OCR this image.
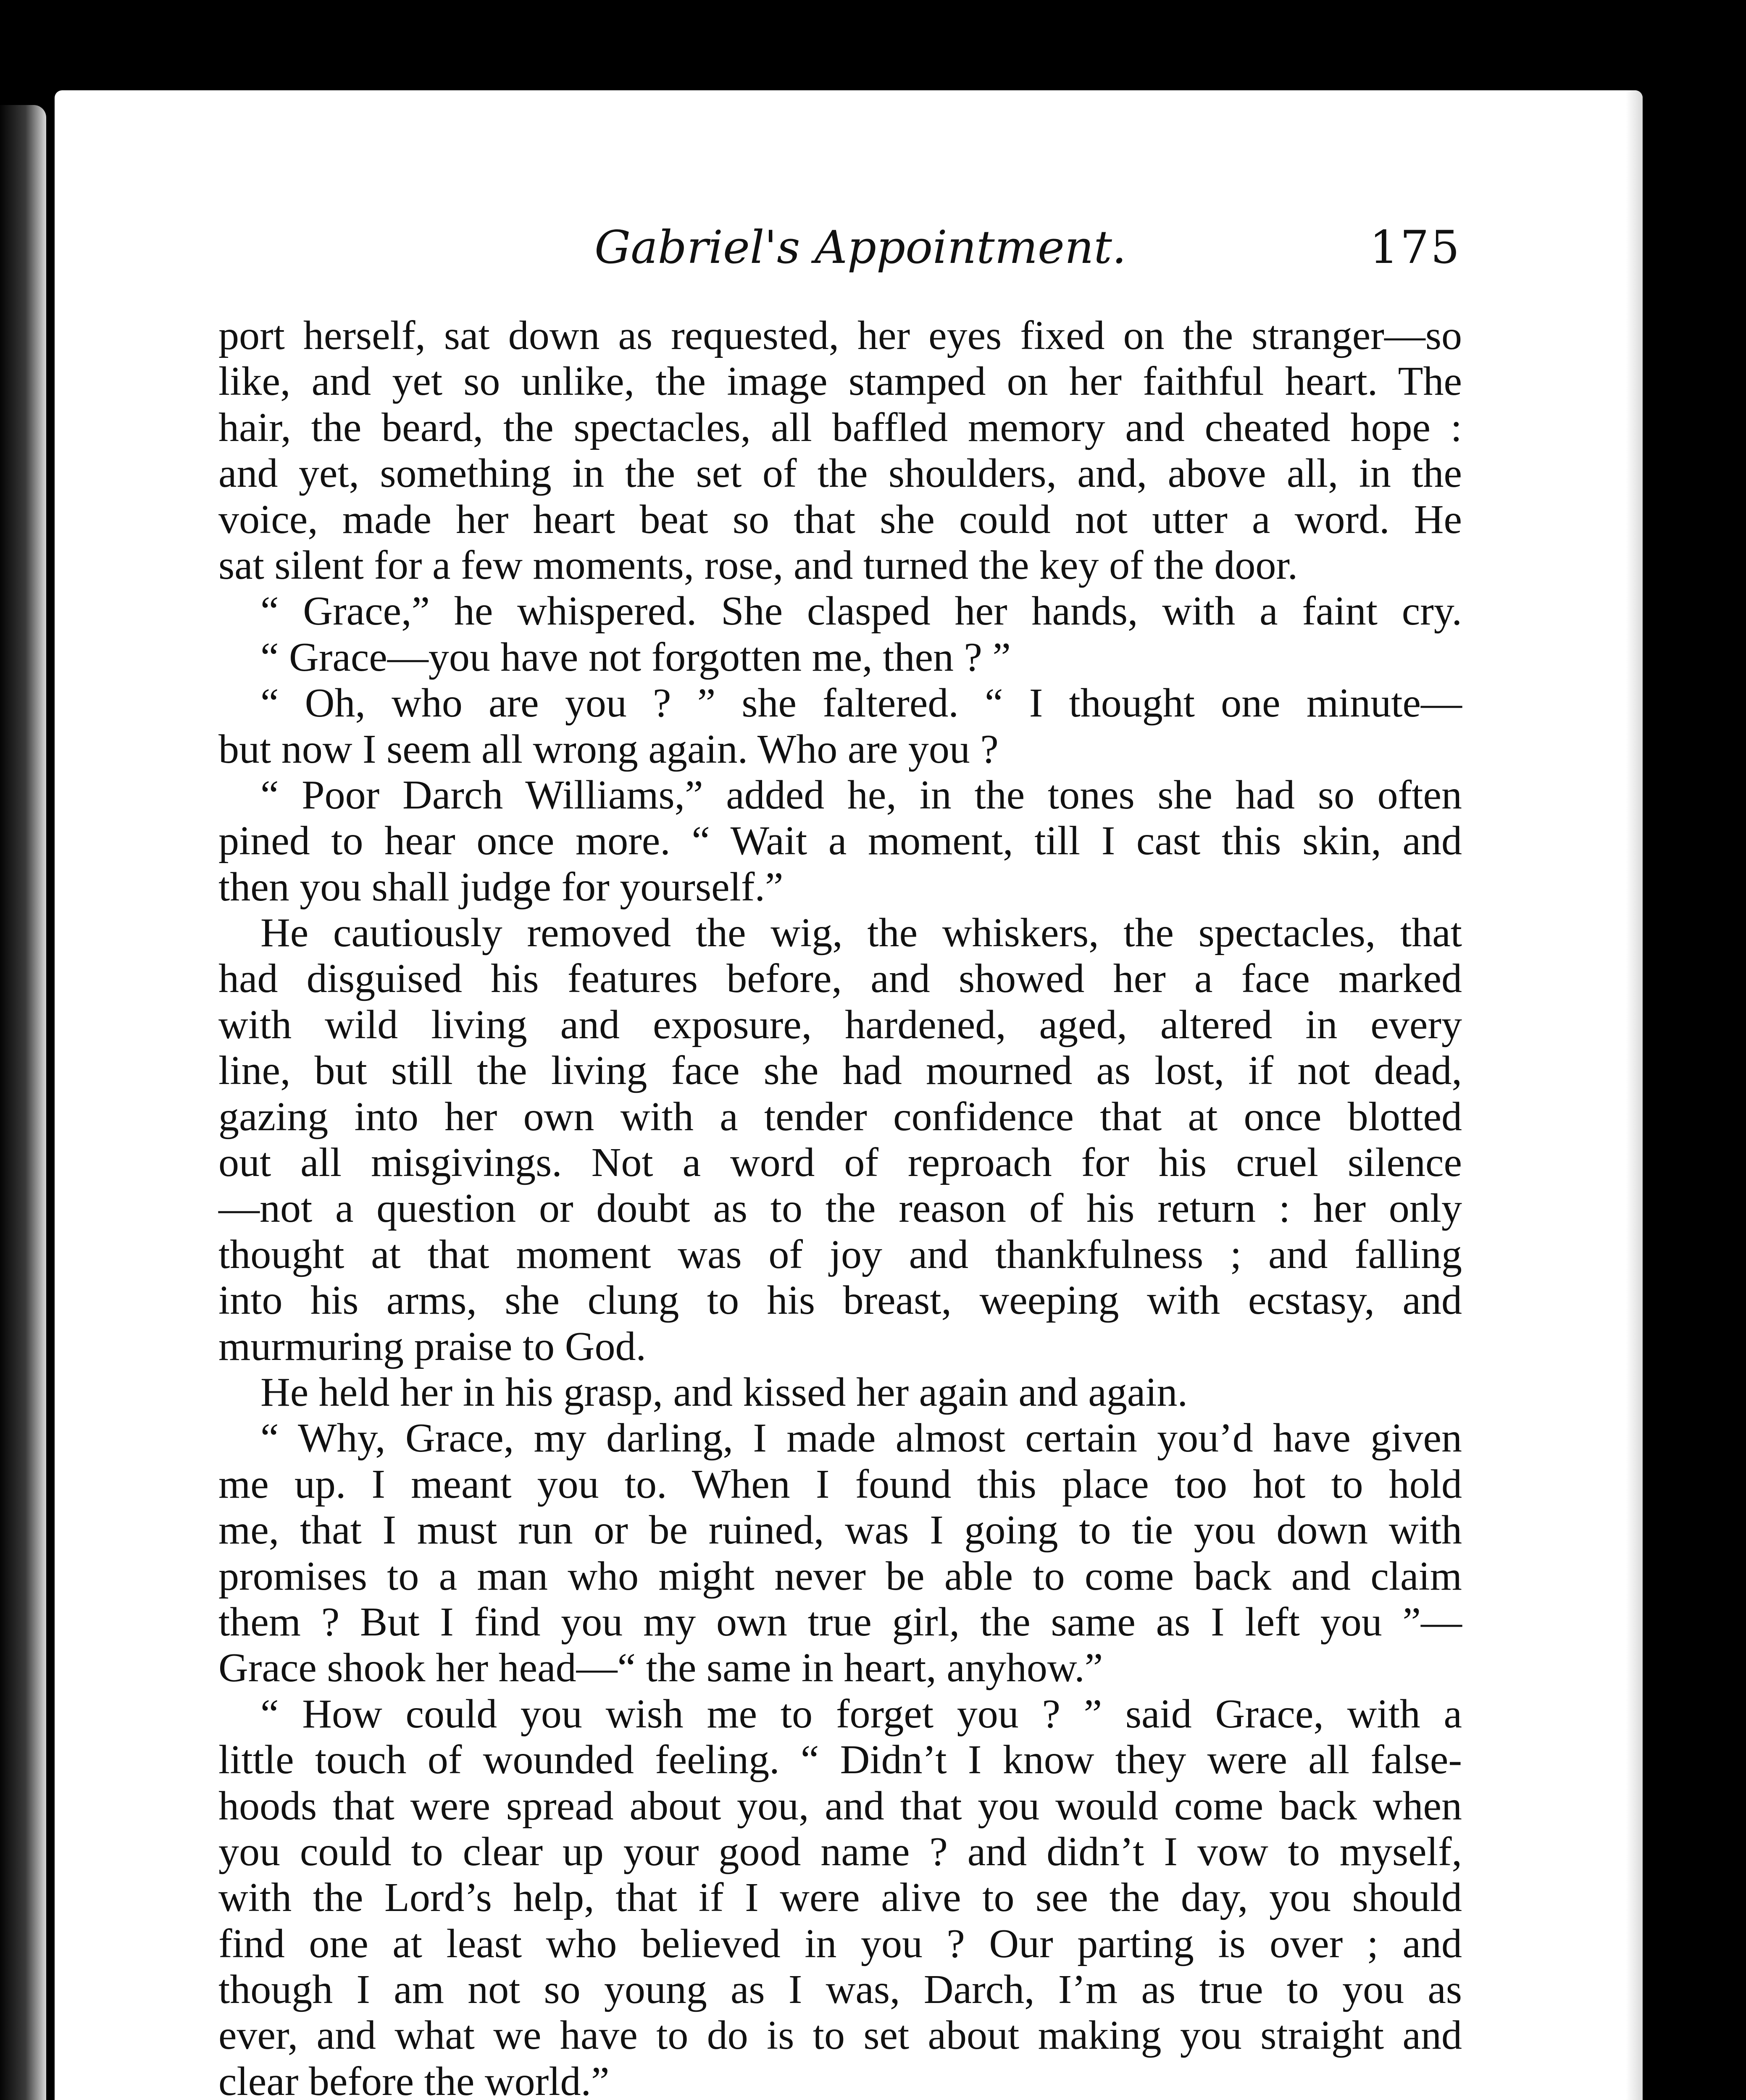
Gabriel's Appointment.	175
port herself, sat down as requested, her eyes fixed on the stranger—so
like, and yet so unlike, the image stamped on her faithful heart. The
hair, the beard, the spectacles, all baffled memory and cheated hope :
and yet, something in the set of the shoulders, and, above all, in the
voice, made her heart beat so that she could not utter a word. He
sat silent for a few moments, rose, and turned the key of the door.
“ Grace,” he whispered. She clasped her hands, with a faint cry.
“ Grace—you have not forgotten me, then ? ”
“ Oh, who are you ? ” she faltered. “ I thought one minute—
but now I seem all wrong again. Who are you ?
“ Poor Darch Williams,” added he, in the tones she had so often
pined to hear once more. “ Wait a moment, till I cast this skin, and
then you shall judge for yourself.”
He cautiously removed the wig, the whiskers, the spectacles, that
had disguised his features before, and showed her a face marked
with wild living and exposure, hardened, aged, altered in every
line, but still the living face she had mourned as lost, if not dead,
gazing into her own with a tender confidence that at once blotted
out all misgivings. Not a word of reproach for his cruel silence
—not a question or doubt as to the reason of his return : her only
thought at that moment was of joy and thankfulness ; and falling
into his arms, she clung to his breast, weeping with ecstasy, and
murmuring praise to God.
He held her in his grasp, and kissed her again and again.
“ Why, Grace, my darling, I made almost certain you’d have given
me up. I meant you to. When I found this place too hot to hold
me, that I must run or be ruined, was I going to tie you down with
promises to a man who might never be able to come back and claim
them ? But I find you my own true girl, the same as I left you ”—
Grace shook her head—“ the same in heart, anyhow.”
“ How could you wish me to forget you ? ” said Grace, with a
little touch of wounded feeling. “ Didn’t I know they were all false-
hoods that were spread about you, and that you would come back when
you could to clear up your good name ? and didn’t I vow to myself,
with the Lord’s help, that if I were alive to see the day, you should
find one at least who believed in you ? Our parting is over ; and
though I am not so young as I was, Darch, I’m as true to you as
ever, and what we have to do is to set about making you straight and
clear before the world.”
